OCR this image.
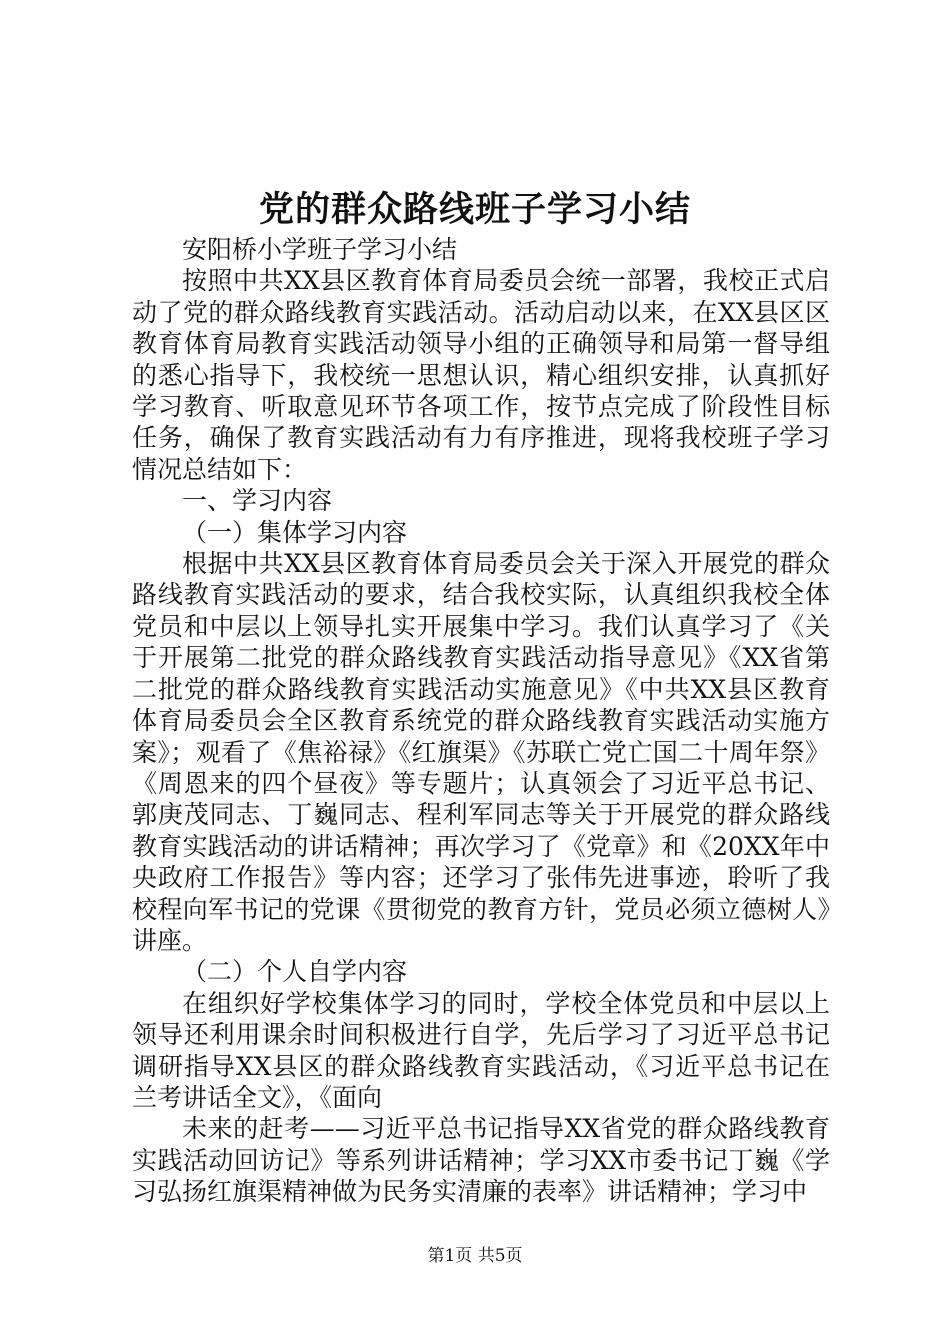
党的群众路线班子学习小结

安阳桥小学班子学习小结

按照中共XX县区教育体育局委员会统一部署，我校正式启动了党的群众路线教育实践活动。活动启动以来，在XX县区区教育体育局教育实践活动领导小组的正确领导和局第一督导组的悉心指导下，我校统一思想认识，精心组织安排，认真抓好学习教育、听取意见环节各项工作，按节点完成了阶段性目标任务，确保了教育实践活动有力有序推进，现将我校班子学习情况总结如下：

一、学习内容

（一）集体学习内容

根据中共XX县区教育体育局委员会关于深入开展党的群众路线教育实践活动的要求，结合我校实际，认真组织我校全体党员和中层以上领导扎实开展集中学习。我们认真学习了《关于开展第二批党的群众路线教育实践活动指导意见》《XX省第二批党的群众路线教育实践活动实施意见》《中共XX县区教育体育局委员会全区教育系统党的群众路线教育实践活动实施方案》；观看了《焦裕禄》《红旗渠》《苏联亡党亡国二十周年祭》《周恩来的四个昼夜》等专题片；认真领会了习近平总书记、郭庚茂同志、丁巍同志、程利军同志等关于开展党的群众路线教育实践活动的讲话精神；再次学习了《党章》和《20XX年中央政府工作报告》等内容；还学习了张伟先进事迹，聆听了我校程向军书记的党课《贯彻党的教育方针，党员必须立德树人》讲座。

（二）个人自学内容

在组织好学校集体学习的同时，学校全体党员和中层以上领导还利用课余时间积极进行自学，先后学习了习近平总书记调研指导XX县区的群众路线教育实践活动，《习近平总书记在兰考讲话全文》，《面向

未来的赶考——习近平总书记指导XX省党的群众路线教育实践活动回访记》等系列讲话精神；学习XX市委书记丁巍《学习弘扬红旗渠精神做为民务实清廉的表率》讲话精神；学习中

第1页 共5页
